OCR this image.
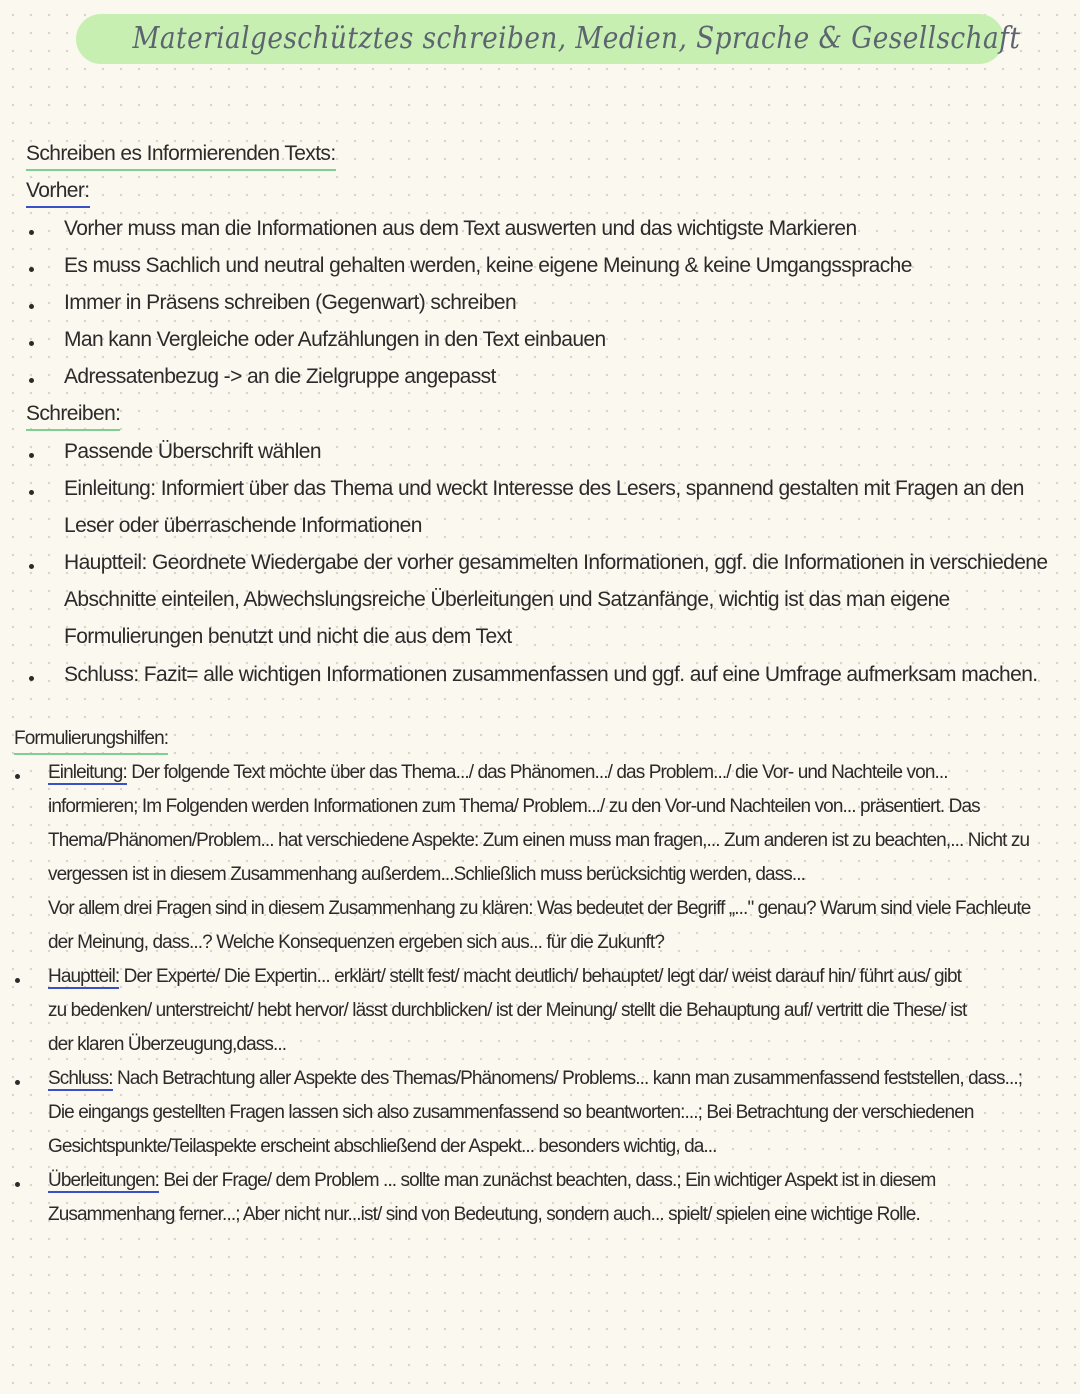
Materialgeschütztes schreiben, Medien, Sprache & Gesellschaft
Schreiben es Informierenden Texts:
Vorher:
Vorher muss man die Informationen aus dem Text auswerten und das wichtigste Markieren
Es muss Sachlich und neutral gehalten werden, keine eigene Meinung & keine Umgangssprache
Immer in Präsens schreiben (Gegenwart) schreiben
Man kann Vergleiche oder Aufzählungen in den Text einbauen
Adressatenbezug -> an die Zielgruppe angepasst
Schreiben:
Passende Überschrift wählen
Einleitung: Informiert über das Thema und weckt Interesse des Lesers, spannend gestalten mit Fragen an den
Leser oder überraschende Informationen
Hauptteil: Geordnete Wiedergabe der vorher gesammelten Informationen, ggf. die Informationen in verschiedene
Abschnitte einteilen, Abwechslungsreiche Überleitungen und Satzanfänge, wichtig ist das man eigene
Formulierungen benutzt und nicht die aus dem Text
Schluss: Fazit= alle wichtigen Informationen zusammenfassen und ggf. auf eine Umfrage aufmerksam machen.
Formulierungshilfen:
Einleitung: Der folgende Text möchte über das Thema.../ das Phänomen.../ das Problem.../ die Vor- und Nachteile von...
informieren; Im Folgenden werden Informationen zum Thema/ Problem.../ zu den Vor-und Nachteilen von... präsentiert. Das
Thema/Phänomen/Problem... hat verschiedene Aspekte: Zum einen muss man fragen,... Zum anderen ist zu beachten,... Nicht zu
vergessen ist in diesem Zusammenhang außerdem...Schließlich muss berücksichtig werden, dass...
Vor allem drei Fragen sind in diesem Zusammenhang zu klären: Was bedeutet der Begriff „..." genau? Warum sind viele Fachleute
der Meinung, dass...? Welche Konsequenzen ergeben sich aus... für die Zukunft?
Hauptteil: Der Experte/ Die Expertin... erklärt/ stellt fest/ macht deutlich/ behauptet/ legt dar/ weist darauf hin/ führt aus/ gibt
zu bedenken/ unterstreicht/ hebt hervor/ lässt durchblicken/ ist der Meinung/ stellt die Behauptung auf/ vertritt die These/ ist
der klaren Überzeugung,dass...
Schluss: Nach Betrachtung aller Aspekte des Themas/Phänomens/ Problems... kann man zusammenfassend feststellen, dass...;
Die eingangs gestellten Fragen lassen sich also zusammenfassend so beantworten:...; Bei Betrachtung der verschiedenen
Gesichtspunkte/Teilaspekte erscheint abschließend der Aspekt... besonders wichtig, da...
Überleitungen: Bei der Frage/ dem Problem ... sollte man zunächst beachten, dass.; Ein wichtiger Aspekt ist in diesem
Zusammenhang ferner...; Aber nicht nur...ist/ sind von Bedeutung, sondern auch... spielt/ spielen eine wichtige Rolle.
